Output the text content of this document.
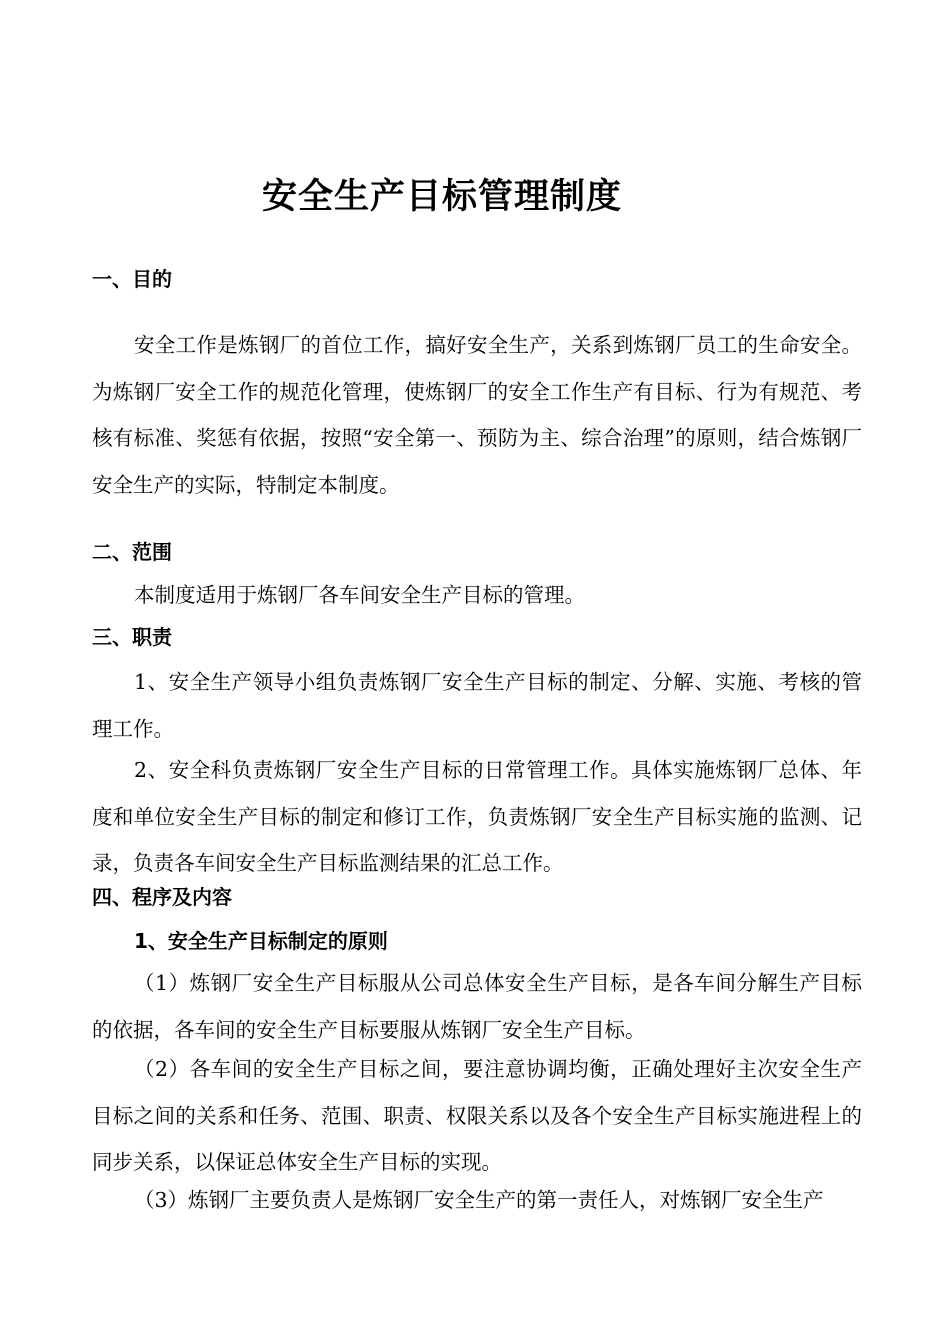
安全生产目标管理制度
一、目的

安全工作是炼钢厂的首位工作，搞好安全生产，关系到炼钢厂员工的生命安全。为炼钢厂安全工作的规范化管理，使炼钢厂的安全工作生产有目标、行为有规范、考核有标准、奖惩有依据，按照“安全第一、预防为主、综合治理”的原则，结合炼钢厂安全生产的实际，特制定本制度。

二、范围

本制度适用于炼钢厂各车间安全生产目标的管理。

三、职责

1、安全生产领导小组负责炼钢厂安全生产目标的制定、分解、实施、考核的管理工作。

2、安全科负责炼钢厂安全生产目标的日常管理工作。具体实施炼钢厂总体、年度和单位安全生产目标的制定和修订工作，负责炼钢厂安全生产目标实施的监测、记录，负责各车间安全生产目标监测结果的汇总工作。

四、程序及内容
1、安全生产目标制定的原则

（1）炼钢厂安全生产目标服从公司总体安全生产目标，是各车间分解生产目标的依据，各车间的安全生产目标要服从炼钢厂安全生产目标。

（2）各车间的安全生产目标之间，要注意协调均衡，正确处理好主次安全生产目标之间的关系和任务、范围、职责、权限关系以及各个安全生产目标实施进程上的同步关系，以保证总体安全生产目标的实现。

（3）炼钢厂主要负责人是炼钢厂安全生产的第一责任人，对炼钢厂安全生产
